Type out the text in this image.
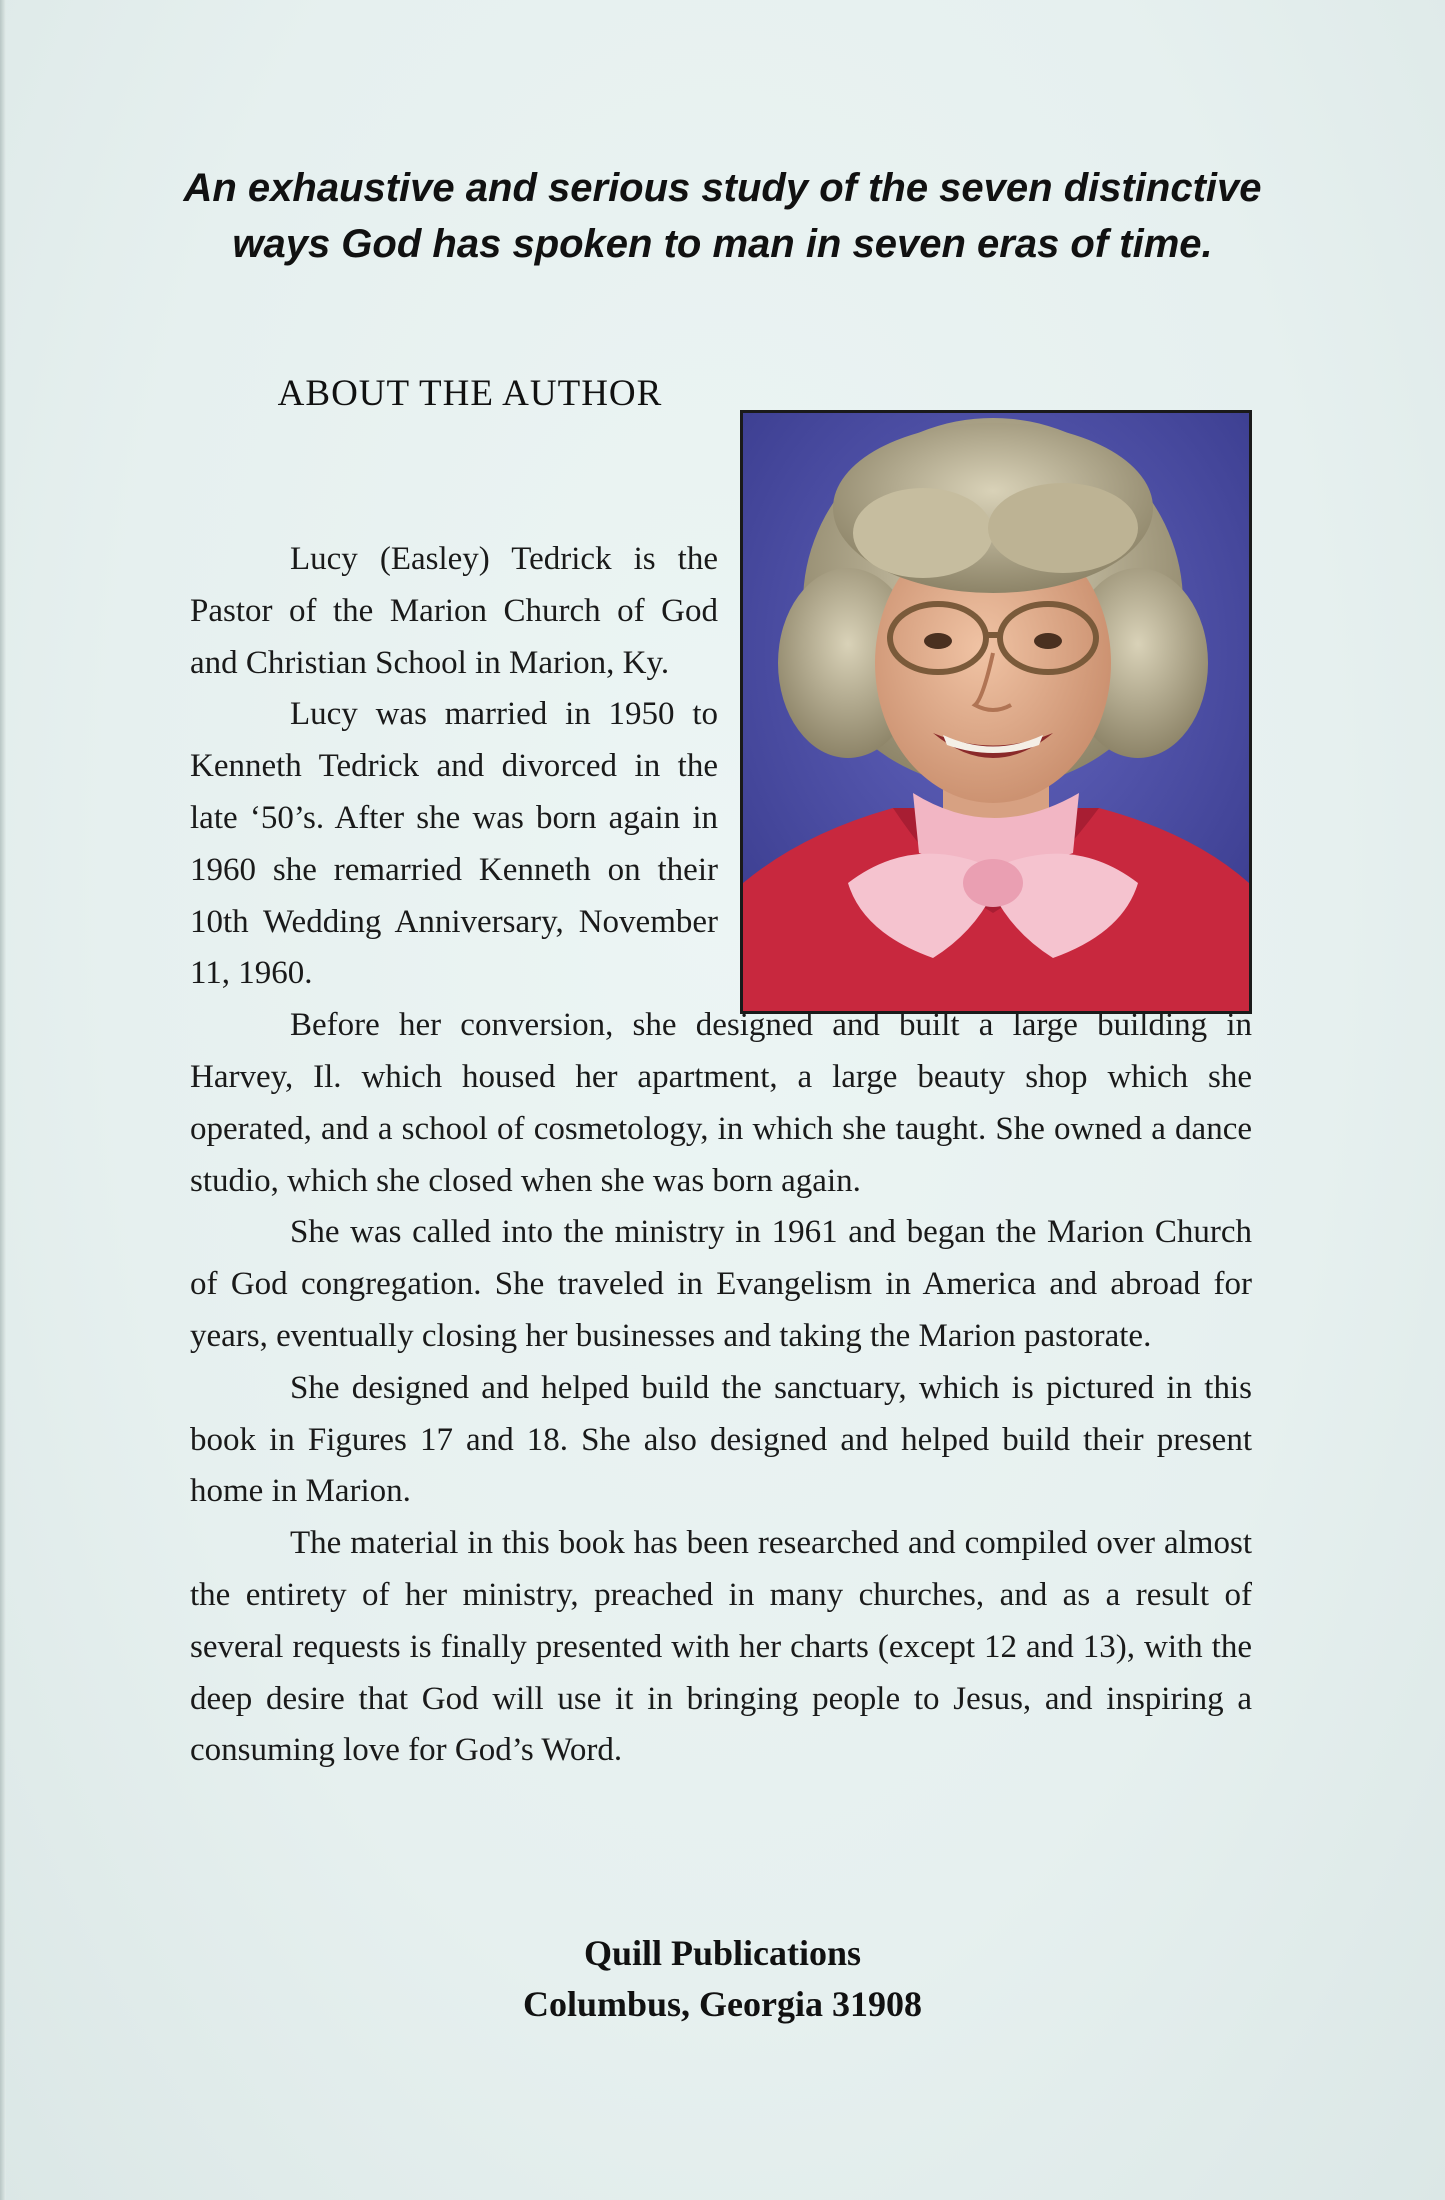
An exhaustive and serious study of the seven distinctive
ways God has spoken to man in seven eras of time.
ABOUT THE AUTHOR

Lucy (Easley) Tedrick is the Pastor of the Marion Church of God and Christian School in Marion, Ky.

Lucy was married in 1950 to Kenneth Tedrick and divorced in the late ‘50’s. After she was born again in 1960 she remarried Kenneth on their 10th Wedding Anniversary, November 11, 1960.

Before her conversion, she designed and built a large building in Harvey, Il. which housed her apartment, a large beauty shop which she operated, and a school of cosmetology, in which she taught. She owned a dance studio, which she closed when she was born again.

She was called into the ministry in 1961 and began the Marion Church of God congregation. She traveled in Evangelism in America and abroad for years, eventually closing her businesses and taking the Marion pastorate.

She designed and helped build the sanctuary, which is pictured in this book in Figures 17 and 18. She also designed and helped build their present home in Marion.

The material in this book has been researched and compiled over almost the entirety of her ministry, preached in many churches, and as a result of several requests is finally presented with her charts (except 12 and 13), with the deep desire that God will use it in bringing people to Jesus, and inspiring a consuming love for God’s Word.

Quill Publications
Columbus, Georgia 31908
